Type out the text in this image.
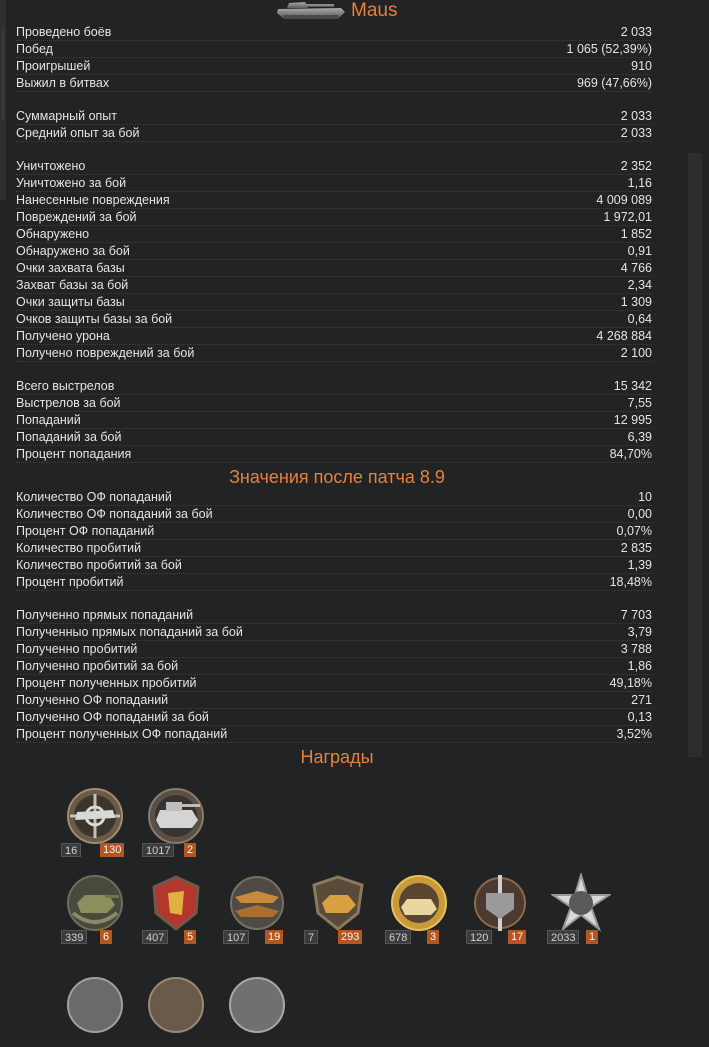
Maus
Проведено боёв	2 033
Побед	1 065 (52,39%)
Проигрышей	910
Выжил в битвах	969 (47,66%)
Суммарный опыт	2 033
Средний опыт за бой	2 033
Уничтожено	2 352
Уничтожено за бой	1,16
Нанесенные повреждения	4 009 089
Повреждений за бой	1 972,01
Обнаружено	1 852
Обнаружено за бой	0,91
Очки захвата базы	4 766
Захват базы за бой	2,34
Очки защиты базы	1 309
Очков защиты базы за бой	0,64
Получено урона	4 268 884
Получено повреждений за бой	2 100
Всего выстрелов	15 342
Выстрелов за бой	7,55
Попаданий	12 995
Попаданий за бой	6,39
Процент попадания	84,70%
Значения после патча 8.9
Количество ОФ попаданий	10
Количество ОФ попаданий за бой	0,00
Процент ОФ попаданий	0,07%
Количество пробитий	2 835
Количество пробитий за бой	1,39
Процент пробитий	18,48%
Полученно прямых попаданий	7 703
Полученныо прямых попаданий за бой	3,79
Полученно пробитий	3 788
Полученно пробитий за бой	1,86
Процент полученных пробитий	49,18%
Полученно ОФ попаданий	271
Полученно ОФ попаданий за бой	0,13
Процент полученных ОФ попаданий	3,52%
Награды
16	130	1017	2
339	6	407	5	107	19	7	293	678	3	120	17	2033	1
